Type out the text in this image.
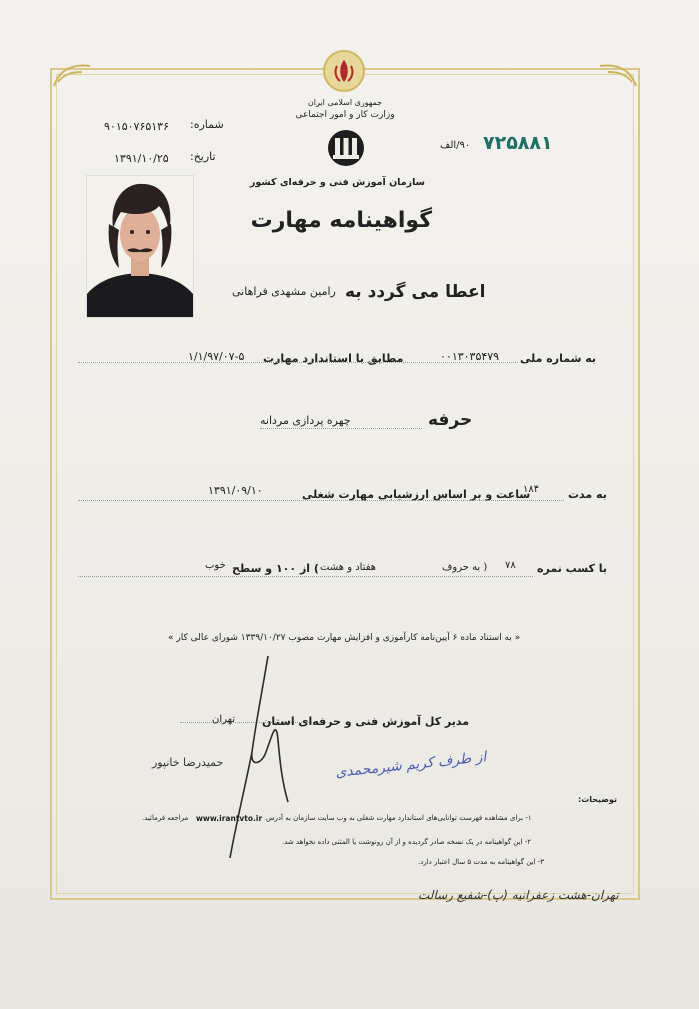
جمهوری اسلامی ایران
وزارت کار و امور اجتماعی
سازمان آموزش فنی و حرفه‌ای کشور
شماره:
۹۰۱۵۰۷۶۵۱۳۶
تاریخ:
۱۳۹۱/۱۰/۲۵
۷۲۵۸۸۱
۹۰/الف
گواهینامه مهارت
اعطا می گردد به
رامین مشهدی فراهانی
به شماره ملی
۰۰۱۳۰۳۵۴۷۹
مطابق با استاندارد مهارت
۱/۱/۹۷/۰۷-۵
حرفه
چهره پردازی مردانه
به مدت
۱۸۴
ساعت و بر اساس ارزشیابی مهارت شغلی
۱۳۹۱/۰۹/۱۰
با کسب نمره
۷۸
( به حروف
هفتاد و هشت
) از ۱۰۰ و سطح
خوب
« به استناد ماده ۶ آیین‌نامه کارآموزی و افزایش مهارت مصوب ۱۳۳۹/۱۰/۲۷ شورای عالی کار »
مدیر کل آموزش فنی و حرفه‌ای استان
تهران
حمیدرضا خانپور	از طرف کریم شیرمحمدی
توضیحات:
۱- برای مشاهده فهرست توانایی‌های استاندارد مهارت شغلی به وب سایت سازمان به آدرس
www.irantvto.ir
مراجعه فرمائید.
۲- این گواهینامه در یک نسخه صادر گردیده و از آن رونوشت یا المثنی داده نخواهد شد.
۳- این گواهینامه به مدت ۵ سال اعتبار دارد.
تهران-هشت زعفرانیه (پ)-شفیع رسالت
